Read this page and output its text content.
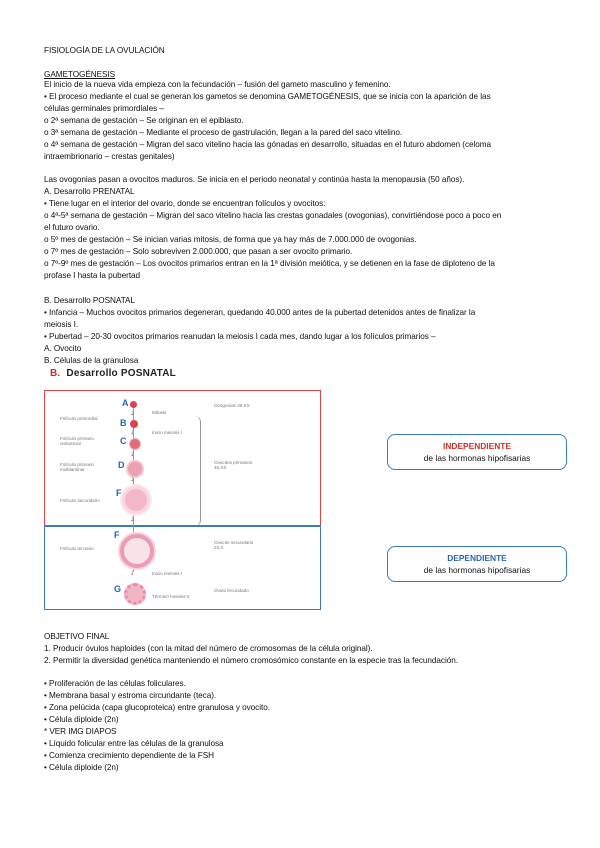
FISIOLOGÍA DE LA OVULACIÓN
GAMETOGÉNESIS
El inicio de la nueva vida empieza con la fecundación – fusión del gameto masculino y femenino.
• El proceso mediante el cual se generan los gametos se denomina GAMETOGÉNESIS, que se inicia con la aparición de las
células germinales primordiales –
o 2ª semana de gestación – Se originan en el epiblasto.
o 3ª semana de gestación – Mediante el proceso de gastrulación, llegan a la pared del saco vitelino.
o 4ª semana de gestación – Migran del saco vitelino hacia las gónadas en desarrollo, situadas en el futuro abdomen (celoma
intraembrionario – crestas genitales)
Las ovogonias pasan a ovocitos maduros. Se inicia en el periodo neonatal y continúa hasta la menopausia (50 años).
A. Desarrollo PRENATAL
• Tiene lugar en el interior del ovario, donde se encuentran folículos y ovocitos:
o 4ª-5ª semana de gestación – Migran del saco vitelino hacia las crestas gonadales (ovogonias), convirtiéndose poco a poco en
el futuro ovario.
o 5º mes de gestación – Se inician varias mitosis, de forma que ya hay más de 7.000.000 de ovogonias.
o 7º mes de gestación – Solo sobreviven 2.000.000, que pasan a ser ovocito primario.
o 7º-9º mes de gestación – Los ovocitos primarios entran en la 1ª división meiótica, y se detienen en la fase de diploteno de la
profase I hasta la pubertad
B. Desarrollo POSNATAL
• Infancia – Muchos ovocitos primarios degeneran, quedando 40.000 antes de la pubertad detenidos antes de finalizar la
meiosis I.
• Pubertad – 20-30 ovocitos primarios reanudan la meiosis I cada mes, dando lugar a los folículos primarios –
A. Ovocito
B. Células de la granulosa
OBJETIVO FINAL
1. Producir óvulos haploides (con la mitad del número de cromosomas de la célula original).
2. Permitir la diversidad genética manteniendo el número cromosómico constante en la especie tras la fecundación.
• Proliferación de las células foliculares.
• Membrana basal y estroma circundante (teca).
• Zona pelúcida (capa glucoproteica) entre granulosa y ovocito.
• Célula diploide (2n)
* VER IMG DIAPOS
• Líquido folicular entre las células de la granulosa
• Comienza crecimiento dependiente de la FSH
• Célula diploide (2n)
B. Desarrollo POSNATAL
A
B
C
D
F
F
G
↓
↓
↓
↓
↓
↓
Folículo primordial
Folículo primario unilaminar
Folículo primario multilaminar
Folículo secundario
Folículo terciario
Mitosis
Inicio meiosis I
Inicio meiosis I
Término meiosis II
Ovogonias 46,XX
Ovocitos primarios 46,XX
Ovocito secundario 23,X
Óvulo fecundado
INDEPENDIENTE
de las hormonas hipofisarias
DEPENDIENTE
de las hormonas hipofisarias
